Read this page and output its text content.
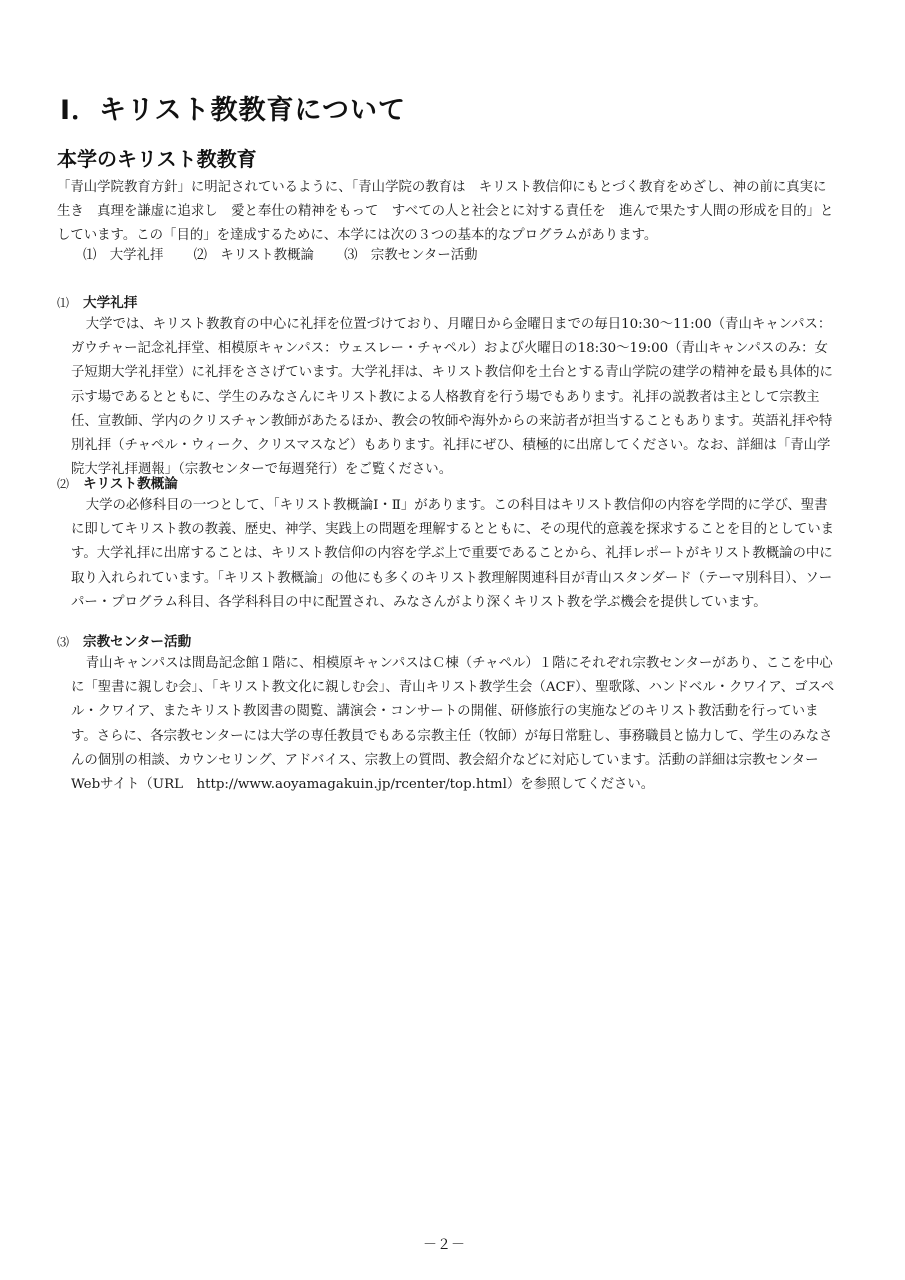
Ⅰ．キリスト教教育について
本学のキリスト教教育

「青山学院教育方針」に明記されているように、「青山学院の教育は　キリスト教信仰にもとづく教育をめざし、神の前に真実に生き　真理を謙虚に追求し　愛と奉仕の精神をもって　すべての人と社会とに対する責任を　進んで果たす人間の形成を目的」としています。この「目的」を達成するために、本学には次の３つの基本的なプログラムがあります。

⑴　大学礼拝 ⑵　キリスト教概論 ⑶　宗教センター活動
⑴	大学礼拝

大学では、キリスト教教育の中心に礼拝を位置づけており、月曜日から金曜日までの毎日10:30〜11:00（青山キャンパス：ガウチャー記念礼拝堂、相模原キャンパス：ウェスレー・チャペル）および火曜日の18:30〜19:00（青山キャンパスのみ：女子短期大学礼拝堂）に礼拝をささげています。大学礼拝は、キリスト教信仰を土台とする青山学院の建学の精神を最も具体的に示す場であるとともに、学生のみなさんにキリスト教による人格教育を行う場でもあります。礼拝の説教者は主として宗教主任、宣教師、学内のクリスチャン教師があたるほか、教会の牧師や海外からの来訪者が担当することもあります。英語礼拝や特別礼拝（チャペル・ウィーク、クリスマスなど）もあります。礼拝にぜひ、積極的に出席してください。なお、詳細は「青山学院大学礼拝週報」（宗教センターで毎週発行）をご覧ください。

⑵	キリスト教概論

大学の必修科目の一つとして、「キリスト教概論Ⅰ・Ⅱ」があります。この科目はキリスト教信仰の内容を学問的に学び、聖書に即してキリスト教の教義、歴史、神学、実践上の問題を理解するとともに、その現代的意義を探求することを目的としています。大学礼拝に出席することは、キリスト教信仰の内容を学ぶ上で重要であることから、礼拝レポートがキリスト教概論の中に取り入れられています。「キリスト教概論」の他にも多くのキリスト教理解関連科目が青山スタンダード（テーマ別科目）、ソーパー・プログラム科目、各学科科目の中に配置され、みなさんがより深くキリスト教を学ぶ機会を提供しています。

⑶	宗教センター活動

青山キャンパスは間島記念館１階に、相模原キャンパスはＣ棟（チャペル）１階にそれぞれ宗教センターがあり、ここを中心に「聖書に親しむ会」、「キリスト教文化に親しむ会」、青山キリスト教学生会（ACF）、聖歌隊、ハンドベル・クワイア、ゴスペル・クワイア、またキリスト教図書の閲覧、講演会・コンサートの開催、研修旅行の実施などのキリスト教活動を行っています。さらに、各宗教センターには大学の専任教員でもある宗教主任（牧師）が毎日常駐し、事務職員と協力して、学生のみなさんの個別の相談、カウンセリング、アドバイス、宗教上の質問、教会紹介などに対応しています。活動の詳細は宗教センターWebサイト（URL　http://www.aoyamagakuin.jp/rcenter/top.html）を参照してください。

－２－
